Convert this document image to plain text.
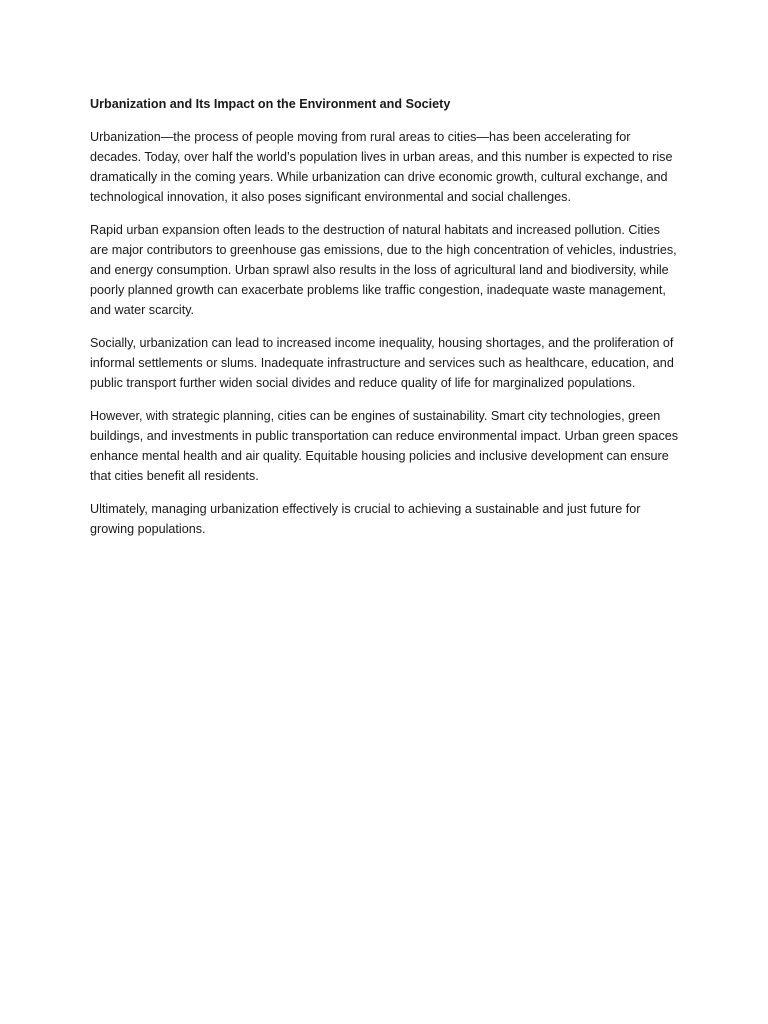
Urbanization and Its Impact on the Environment and Society

Urbanization—the process of people moving from rural areas to cities—has been accelerating for decades. Today, over half the world’s population lives in urban areas, and this number is expected to rise dramatically in the coming years. While urbanization can drive economic growth, cultural exchange, and technological innovation, it also poses significant environmental and social challenges.

Rapid urban expansion often leads to the destruction of natural habitats and increased pollution. Cities are major contributors to greenhouse gas emissions, due to the high concentration of vehicles, industries, and energy consumption. Urban sprawl also results in the loss of agricultural land and biodiversity, while poorly planned growth can exacerbate problems like traffic congestion, inadequate waste management, and water scarcity.

Socially, urbanization can lead to increased income inequality, housing shortages, and the proliferation of informal settlements or slums. Inadequate infrastructure and services such as healthcare, education, and public transport further widen social divides and reduce quality of life for marginalized populations.

However, with strategic planning, cities can be engines of sustainability. Smart city technologies, green buildings, and investments in public transportation can reduce environmental impact. Urban green spaces enhance mental health and air quality. Equitable housing policies and inclusive development can ensure that cities benefit all residents.

Ultimately, managing urbanization effectively is crucial to achieving a sustainable and just future for growing populations.
